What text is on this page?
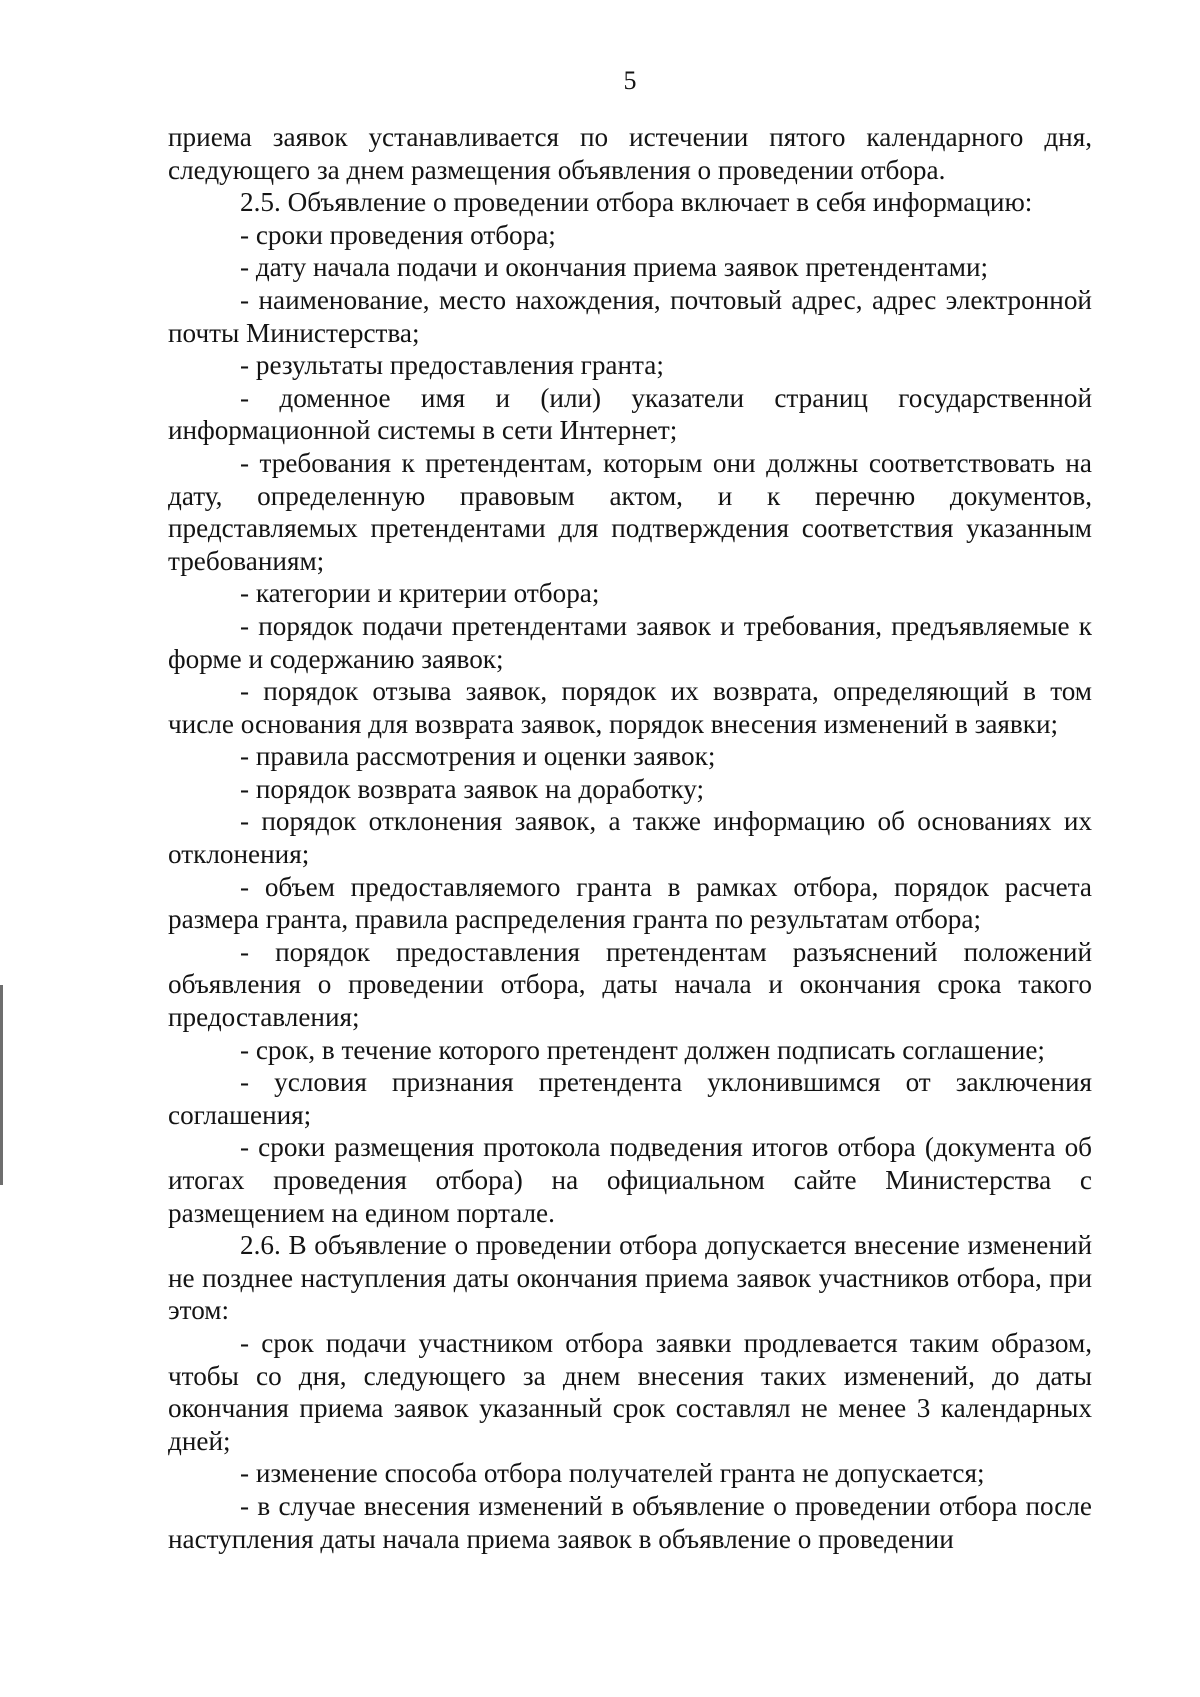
5

приема заявок устанавливается по истечении пятого календарного дня, следующего за днем размещения объявления о проведении отбора.

2.5. Объявление о проведении отбора включает в себя информацию:

- сроки проведения отбора;

- дату начала подачи и окончания приема заявок претендентами;

- наименование, место нахождения, почтовый адрес, адрес электронной почты Министерства;

- результаты предоставления гранта;

- доменное имя и (или) указатели страниц государственной информационной системы в сети Интернет;

- требования к претендентам, которым они должны соответствовать на дату, определенную правовым актом, и к перечню документов, представляемых претендентами для подтверждения соответствия указанным требованиям;

- категории и критерии отбора;

- порядок подачи претендентами заявок и требования, предъявляемые к форме и содержанию заявок;

- порядок отзыва заявок, порядок их возврата, определяющий в том числе основания для возврата заявок, порядок внесения изменений в заявки;

- правила рассмотрения и оценки заявок;

- порядок возврата заявок на доработку;

- порядок отклонения заявок, а также информацию об основаниях их отклонения;

- объем предоставляемого гранта в рамках отбора, порядок расчета размера гранта, правила распределения гранта по результатам отбора;

- порядок предоставления претендентам разъяснений положений объявления о проведении отбора, даты начала и окончания срока такого предоставления;

- срок, в течение которого претендент должен подписать соглашение;

- условия признания претендента уклонившимся от заключения соглашения;

- сроки размещения протокола подведения итогов отбора (документа об итогах проведения отбора) на официальном сайте Министерства с размещением на едином портале.

2.6. В объявление о проведении отбора допускается внесение изменений не позднее наступления даты окончания приема заявок участников отбора, при этом:

- срок подачи участником отбора заявки продлевается таким образом, чтобы со дня, следующего за днем внесения таких изменений, до даты окончания приема заявок указанный срок составлял не менее 3 календарных дней;

- изменение способа отбора получателей гранта не допускается;

- в случае внесения изменений в объявление о проведении отбора после наступления даты начала приема заявок в объявление о проведении
